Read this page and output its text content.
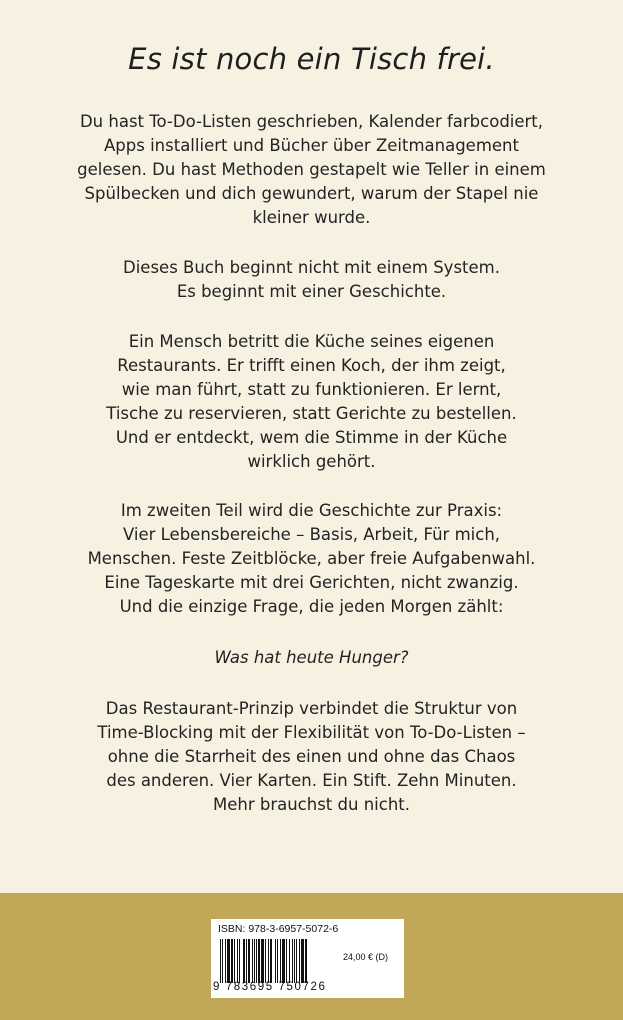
Es ist noch ein Tisch frei.

Du hast To-Do-Listen geschrieben, Kalender farbcodiert,
Apps installiert und Bücher über Zeitmanagement
gelesen. Du hast Methoden gestapelt wie Teller in einem
Spülbecken und dich gewundert, warum der Stapel nie
kleiner wurde.

Dieses Buch beginnt nicht mit einem System.
Es beginnt mit einer Geschichte.

Ein Mensch betritt die Küche seines eigenen
Restaurants. Er trifft einen Koch, der ihm zeigt,
wie man führt, statt zu funktionieren. Er lernt,
Tische zu reservieren, statt Gerichte zu bestellen.
Und er entdeckt, wem die Stimme in der Küche
wirklich gehört.

Im zweiten Teil wird die Geschichte zur Praxis:
Vier Lebensbereiche – Basis, Arbeit, Für mich,
Menschen. Feste Zeitblöcke, aber freie Aufgabenwahl.
Eine Tageskarte mit drei Gerichten, nicht zwanzig.
Und die einzige Frage, die jeden Morgen zählt:

Was hat heute Hunger?

Das Restaurant-Prinzip verbindet die Struktur von
Time-Blocking mit der Flexibilität von To-Do-Listen –
ohne die Starrheit des einen und ohne das Chaos
des anderen. Vier Karten. Ein Stift. Zehn Minuten.
Mehr brauchst du nicht.

ISBN: 978-3-6957-5072-6
9 783695 750726
24,00 € (D)
